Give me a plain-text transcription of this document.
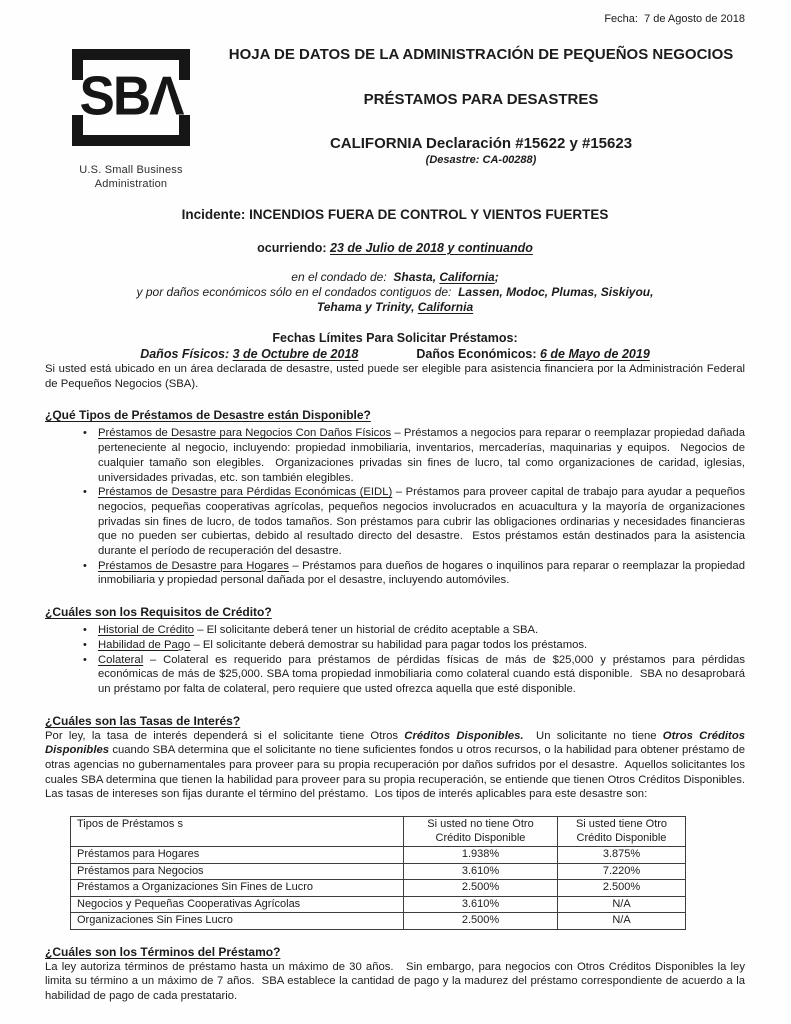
Fecha:  7 de Agosto de 2018
SBΛ
U.S. Small Business
Administration
HOJA DE DATOS DE LA ADMINISTRACIÓN DE PEQUEÑOS NEGOCIOS
PRÉSTAMOS PARA DESASTRES
CALIFORNIA Declaración #15622 y #15623
(Desastre: CA-00288)
Incidente: INCENDIOS FUERA DE CONTROL Y VIENTOS FUERTES
ocurriendo: 23 de Julio de 2018 y continuando
en el condado de:  Shasta, California;
y por daños económicos sólo en el condados contiguos de:  Lassen, Modoc, Plumas, Siskiyou,
Tehama y Trinity, California
Fechas Límites Para Solicitar Préstamos:
Daños Físicos: 3 de Octubre de 2018	Daños Económicos: 6 de Mayo de 2019

Si usted está ubicado en un área declarada de desastre, usted puede ser elegible para asistencia financiera por la Administración Federal de Pequeños Negocios (SBA).

¿Qué Tipos de Préstamos de Desastre están Disponible?
• Préstamos de Desastre para Negocios Con Daños Físicos – Préstamos a negocios para reparar o reemplazar propiedad dañada  perteneciente al negocio, incluyendo: propiedad inmobiliaria, inventarios, mercaderías, maquinarias y equipos.  Negocios de cualquier tamaño son elegibles.  Organizaciones privadas sin fines de lucro, tal como organizaciones de caridad, iglesias, universidades privadas, etc. son también elegibles.
• Préstamos de Desastre para Pérdidas Económicas (EIDL) – Préstamos para proveer capital de trabajo para ayudar a pequeños negocios, pequeñas cooperativas agrícolas, pequeños negocios involucrados en acuacultura y la mayoría de organizaciones privadas sin fines de lucro, de todos tamaños. Son préstamos para cubrir las obligaciones ordinarias y necesidades financieras que no pueden ser cubiertas, debido al resultado directo del desastre.  Estos préstamos están destinados para la asistencia durante el período de recuperación del desastre.
• Préstamos de Desastre para Hogares – Préstamos para dueños de hogares o inquilinos para reparar o reemplazar la propiedad inmobiliaria y propiedad personal dañada por el desastre, incluyendo automóviles.
¿Cuáles son los Requisitos de Crédito?
• Historial de Crédito – El solicitante deberá tener un historial de crédito aceptable a SBA.
• Habilidad de Pago – El solicitante deberá demostrar su habilidad para pagar todos los préstamos.
• Colateral – Colateral es requerido para préstamos de pérdidas físicas de más de $25,000 y préstamos para pérdidas económicas de más de $25,000. SBA toma propiedad inmobiliaria como colateral cuando está disponible.  SBA no desaprobará un préstamo por falta de colateral, pero requiere que usted ofrezca aquella que esté disponible.
¿Cuáles son las Tasas de Interés?

Por ley, la tasa de interés dependerá si el solicitante tiene Otros Créditos Disponibles.  Un solicitante no tiene Otros Créditos Disponibles cuando SBA determina que el solicitante no tiene suficientes fondos u otros recursos, o la habilidad para obtener préstamo de otras agencias no gubernamentales para proveer para su propia recuperación por daños sufridos por el desastre.  Aquellos solicitantes los cuales SBA determina que tienen la habilidad para proveer para su propia recuperación, se entiende que tienen Otros Créditos Disponibles.  Las tasas de intereses son fijas durante el término del préstamo.  Los tipos de interés aplicables para este desastre son:

Tipos de Préstamos s	Si usted no tiene Otro Crédito Disponible	Si usted tiene Otro Crédito Disponible
Préstamos para Hogares	1.938%	3.875%
Préstamos para Negocios	3.610%	7.220%
Préstamos a Organizaciones Sin Fines de Lucro	2.500%	2.500%
Negocios y Pequeñas Cooperativas Agrícolas	3.610%	N/A
Organizaciones Sin Fines Lucro	2.500%	N/A
¿Cuáles son los Términos del Préstamo?

La ley autoriza términos de préstamo hasta un máximo de 30 años.   Sin embargo, para negocios con Otros Créditos Disponibles la ley limita su término a un máximo de 7 años.  SBA establece la cantidad de pago y la madurez del préstamo correspondiente de acuerdo a la habilidad de pago de cada prestatario.
